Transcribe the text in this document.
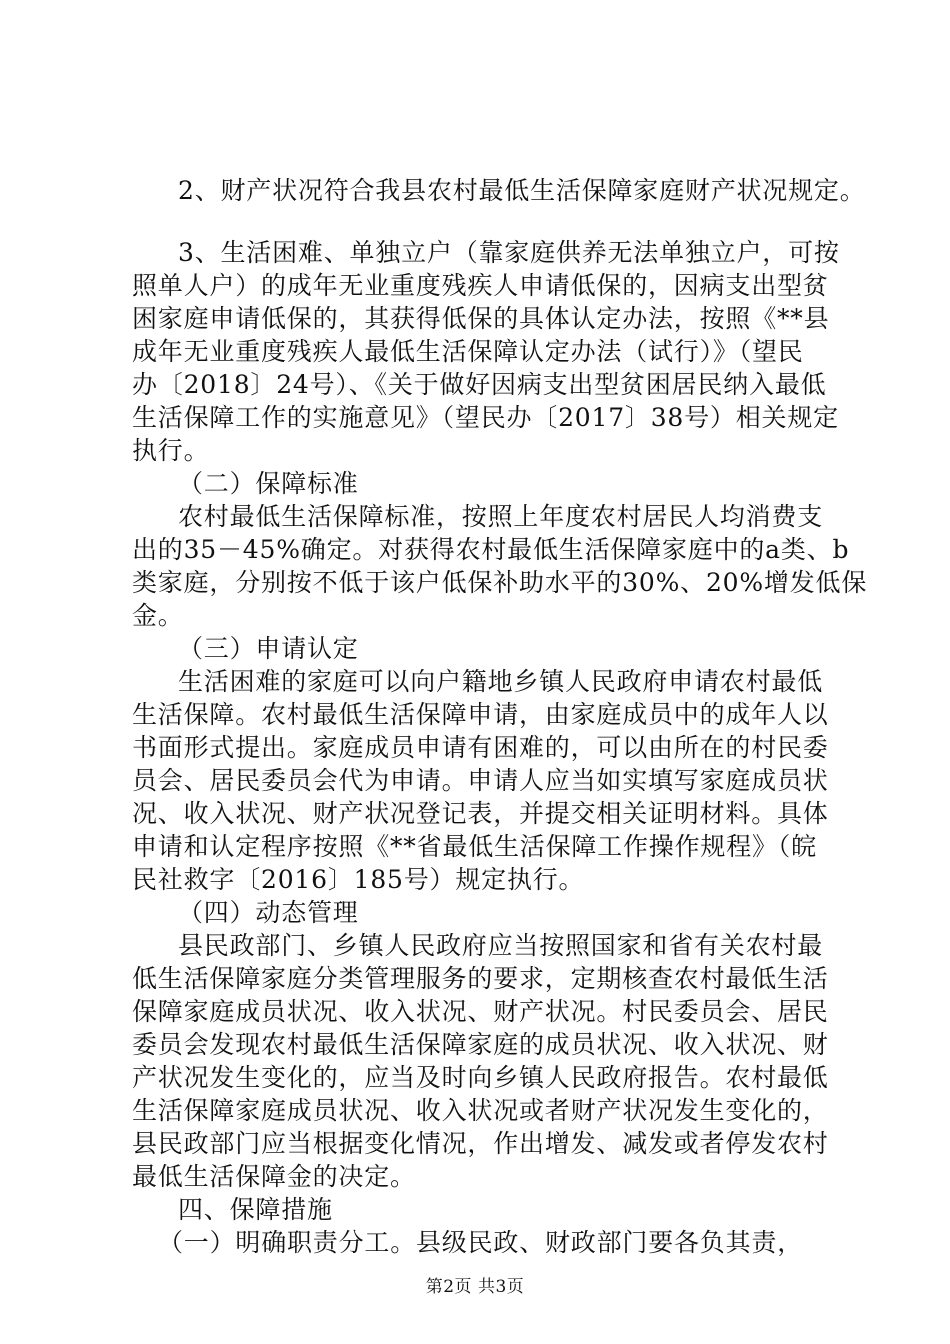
2、财产状况符合我县农村最低生活保障家庭财产状况规定。
3、生活困难、单独立户（靠家庭供养无法单独立户，可按
照单人户）的成年无业重度残疾人申请低保的，因病支出型贫
困家庭申请低保的，其获得低保的具体认定办法，按照《**县
成年无业重度残疾人最低生活保障认定办法（试行）》（望民
办〔2018〕24号）、《关于做好因病支出型贫困居民纳入最低
生活保障工作的实施意见》（望民办〔2017〕38号）相关规定
执行。
（二）保障标准
农村最低生活保障标准，按照上年度农村居民人均消费支
出的35－45%确定。对获得农村最低生活保障家庭中的a类、b
类家庭，分别按不低于该户低保补助水平的30%、20%增发低保
金。
（三）申请认定
生活困难的家庭可以向户籍地乡镇人民政府申请农村最低
生活保障。农村最低生活保障申请，由家庭成员中的成年人以
书面形式提出。家庭成员申请有困难的，可以由所在的村民委
员会、居民委员会代为申请。申请人应当如实填写家庭成员状
况、收入状况、财产状况登记表，并提交相关证明材料。具体
申请和认定程序按照《**省最低生活保障工作操作规程》（皖
民社救字〔2016〕185号）规定执行。
（四）动态管理
县民政部门、乡镇人民政府应当按照国家和省有关农村最
低生活保障家庭分类管理服务的要求，定期核查农村最低生活
保障家庭成员状况、收入状况、财产状况。村民委员会、居民
委员会发现农村最低生活保障家庭的成员状况、收入状况、财
产状况发生变化的，应当及时向乡镇人民政府报告。农村最低
生活保障家庭成员状况、收入状况或者财产状况发生变化的，
县民政部门应当根据变化情况，作出增发、减发或者停发农村
最低生活保障金的决定。
四、保障措施
（一）明确职责分工。县级民政、财政部门要各负其责，
第2页 共3页
